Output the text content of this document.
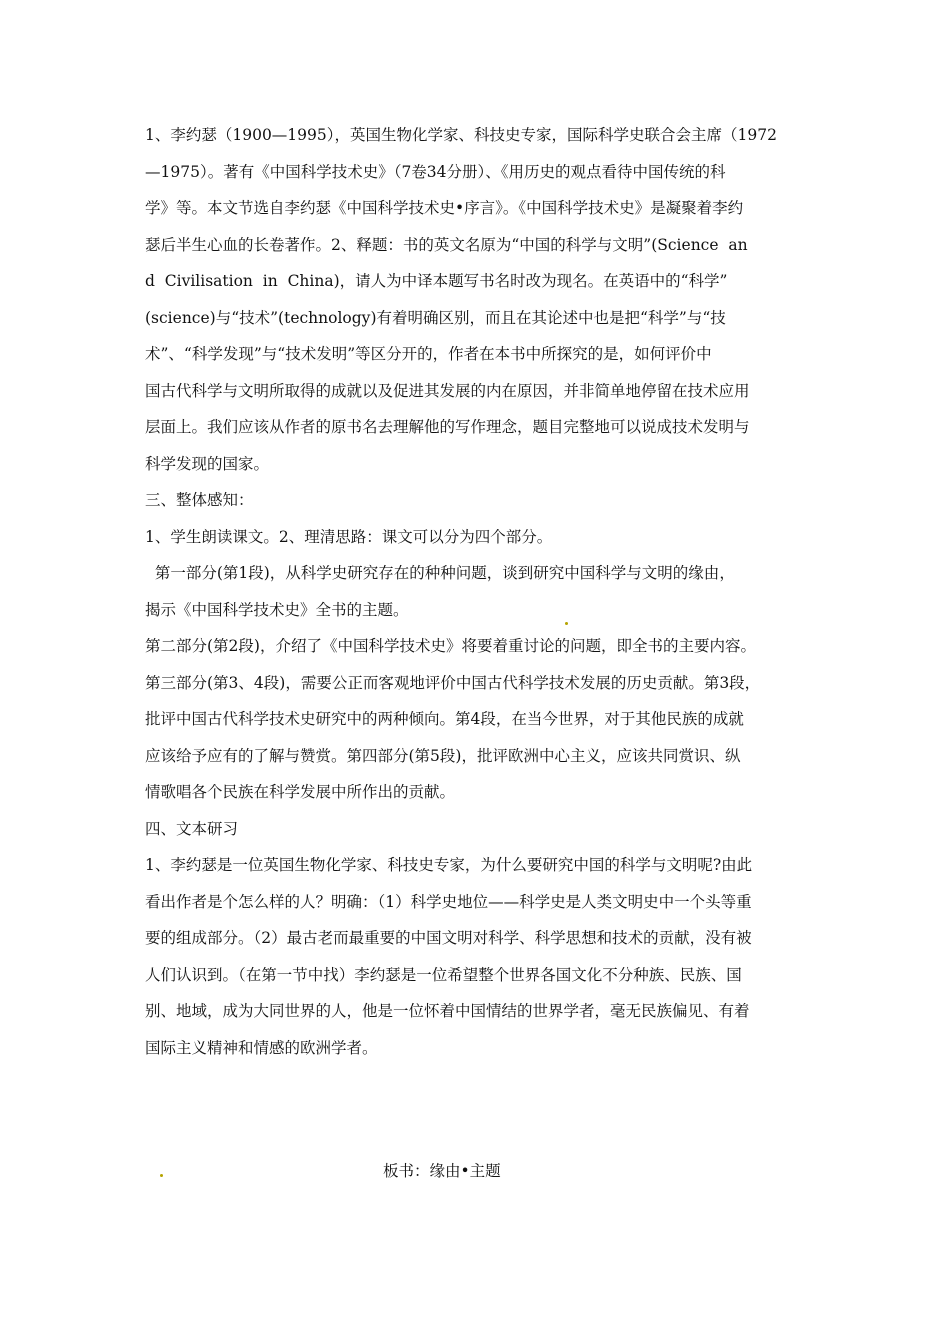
1、李约瑟（1900—1995），英国生物化学家、科技史专家，国际科学史联合会主席（1972
—1975）。著有《中国科学技术史》（7卷34分册）、《用历史的观点看待中国传统的科
学》等。本文节选自李约瑟《中国科学技术史•序言》。《中国科学技术史》是凝聚着李约
瑟后半生心血的长卷著作。2、释题：书的英文名原为“中国的科学与文明”(Science  an
d  Civilisation  in  China)，请人为中译本题写书名时改为现名。在英语中的“科学”
(science)与“技术”(technology)有着明确区别，而且在其论述中也是把“科学”与“技
术”、“科学发现”与“技术发明”等区分开的，作者在本书中所探究的是，如何评价中
国古代科学与文明所取得的成就以及促进其发展的内在原因，并非简单地停留在技术应用
层面上。我们应该从作者的原书名去理解他的写作理念，题目完整地可以说成技术发明与
科学发现的国家。
三、整体感知：
1、学生朗读课文。2、理清思路：课文可以分为四个部分。
第一部分(第1段)，从科学史研究存在的种种问题，谈到研究中国科学与文明的缘由，
揭示《中国科学技术史》全书的主题。
第二部分(第2段)，介绍了《中国科学技术史》将要着重讨论的问题，即全书的主要内容。
第三部分(第3、4段)，需要公正而客观地评价中国古代科学技术发展的历史贡献。第3段，
批评中国古代科学技术史研究中的两种倾向。第4段，在当今世界，对于其他民族的成就
应该给予应有的了解与赞赏。第四部分(第5段)，批评欧洲中心主义，应该共同赏识、纵
情歌唱各个民族在科学发展中所作出的贡献。
四、文本研习
1、李约瑟是一位英国生物化学家、科技史专家，为什么要研究中国的科学与文明呢?由此
看出作者是个怎么样的人？明确：（1）科学史地位——科学史是人类文明史中一个头等重
要的组成部分。（2）最古老而最重要的中国文明对科学、科学思想和技术的贡献，没有被
人们认识到。（在第一节中找）李约瑟是一位希望整个世界各国文化不分种族、民族、国
别、地域，成为大同世界的人，他是一位怀着中国情结的世界学者，毫无民族偏见、有着
国际主义精神和情感的欧洲学者。
板书：缘由•主题
